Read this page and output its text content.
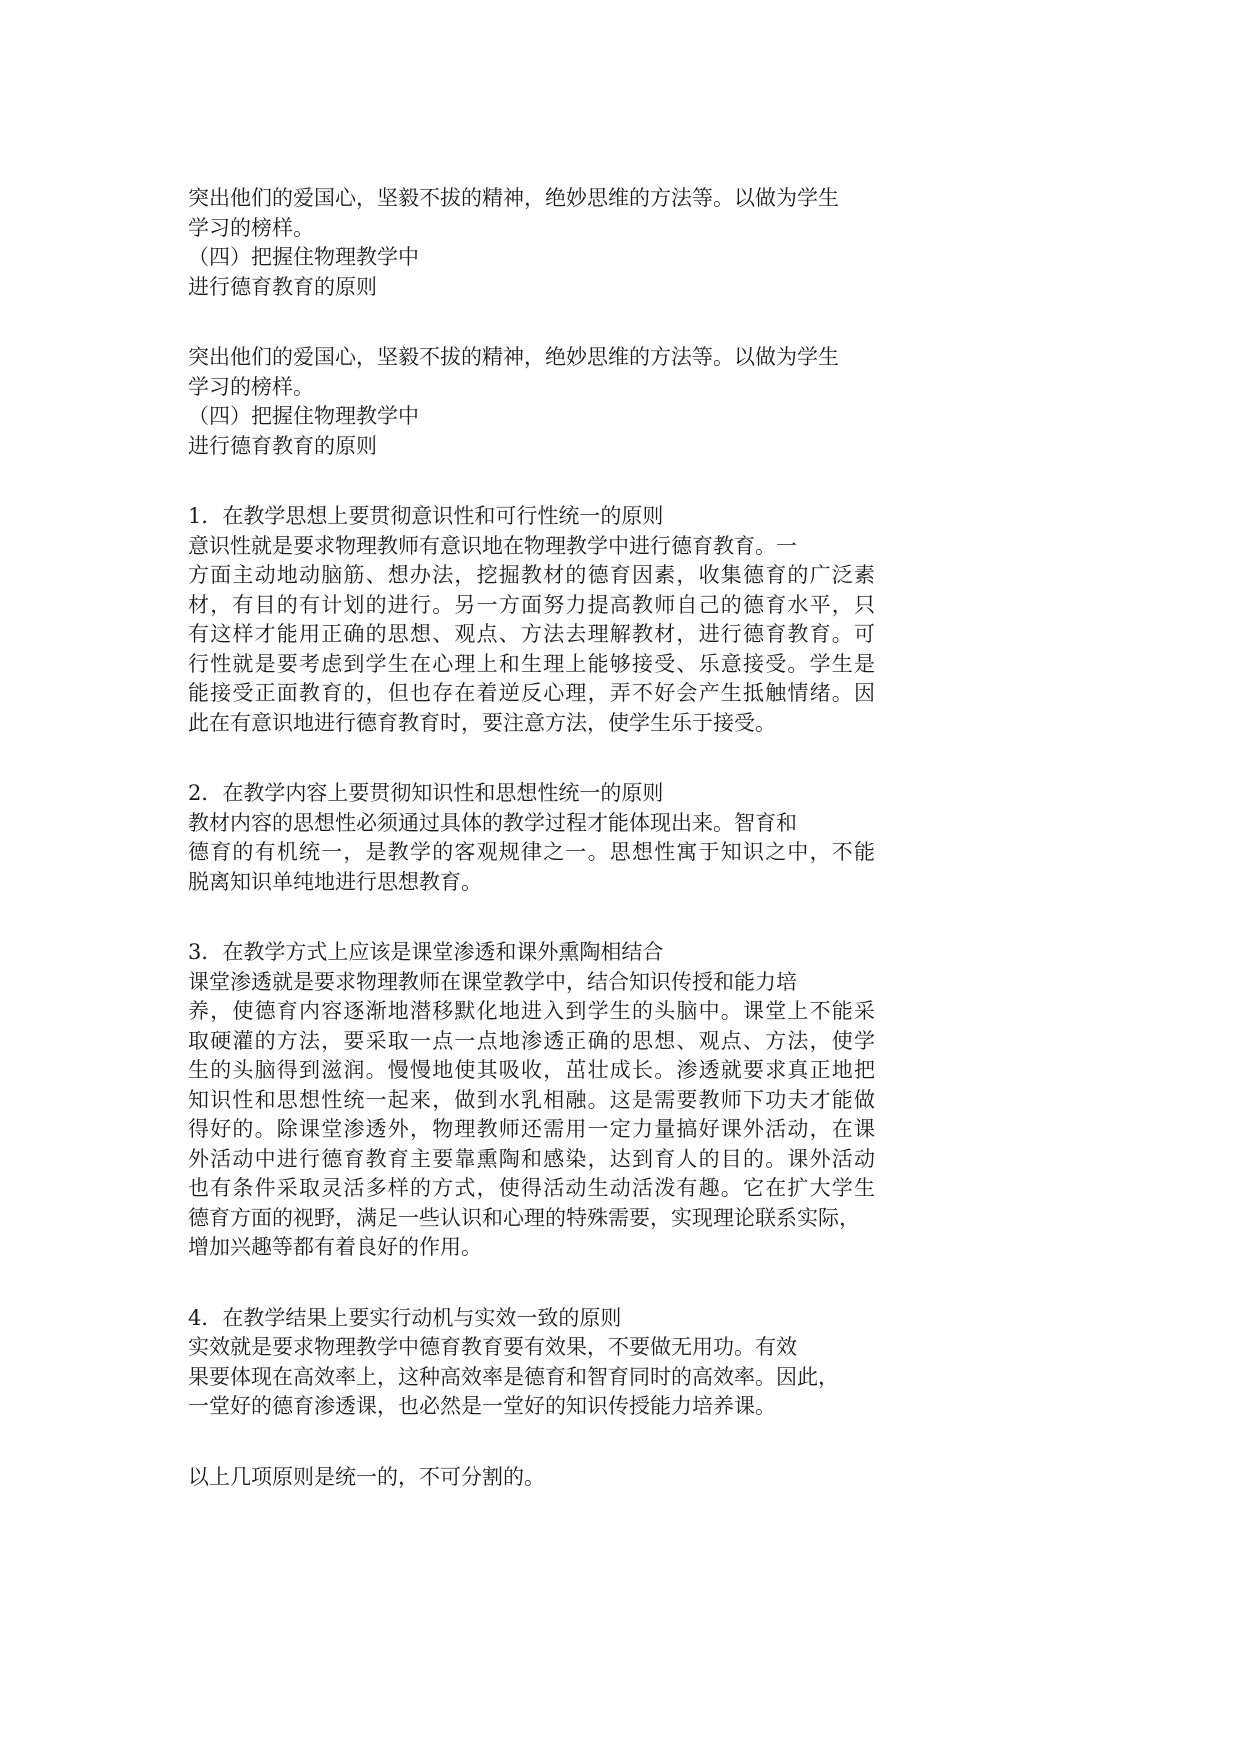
突出他们的爱国心，坚毅不拔的精神，绝妙思维的方法等。以做为学生
学习的榜样。
（四）把握住物理教学中
进行德育教育的原则
突出他们的爱国心，坚毅不拔的精神，绝妙思维的方法等。以做为学生
学习的榜样。
（四）把握住物理教学中
进行德育教育的原则
1．在教学思想上要贯彻意识性和可行性统一的原则
意识性就是要求物理教师有意识地在物理教学中进行德育教育。一
方面主动地动脑筋、想办法，挖掘教材的德育因素，收集德育的广泛素
材，有目的有计划的进行。另一方面努力提高教师自己的德育水平，只
有这样才能用正确的思想、观点、方法去理解教材，进行德育教育。可
行性就是要考虑到学生在心理上和生理上能够接受、乐意接受。学生是
能接受正面教育的，但也存在着逆反心理，弄不好会产生抵触情绪。因
此在有意识地进行德育教育时，要注意方法，使学生乐于接受。
2．在教学内容上要贯彻知识性和思想性统一的原则
教材内容的思想性必须通过具体的教学过程才能体现出来。智育和
德育的有机统一，是教学的客观规律之一。思想性寓于知识之中，不能
脱离知识单纯地进行思想教育。
3．在教学方式上应该是课堂渗透和课外熏陶相结合
课堂渗透就是要求物理教师在课堂教学中，结合知识传授和能力培
养，使德育内容逐渐地潜移默化地进入到学生的头脑中。课堂上不能采
取硬灌的方法，要采取一点一点地渗透正确的思想、观点、方法，使学
生的头脑得到滋润。慢慢地使其吸收，茁壮成长。渗透就要求真正地把
知识性和思想性统一起来，做到水乳相融。这是需要教师下功夫才能做
得好的。除课堂渗透外，物理教师还需用一定力量搞好课外活动，在课
外活动中进行德育教育主要靠熏陶和感染，达到育人的目的。课外活动
也有条件采取灵活多样的方式，使得活动生动活泼有趣。它在扩大学生
德育方面的视野，满足一些认识和心理的特殊需要，实现理论联系实际，
增加兴趣等都有着良好的作用。
4．在教学结果上要实行动机与实效一致的原则
实效就是要求物理教学中德育教育要有效果，不要做无用功。有效
果要体现在高效率上，这种高效率是德育和智育同时的高效率。因此，
一堂好的德育渗透课，也必然是一堂好的知识传授能力培养课。
以上几项原则是统一的，不可分割的。
